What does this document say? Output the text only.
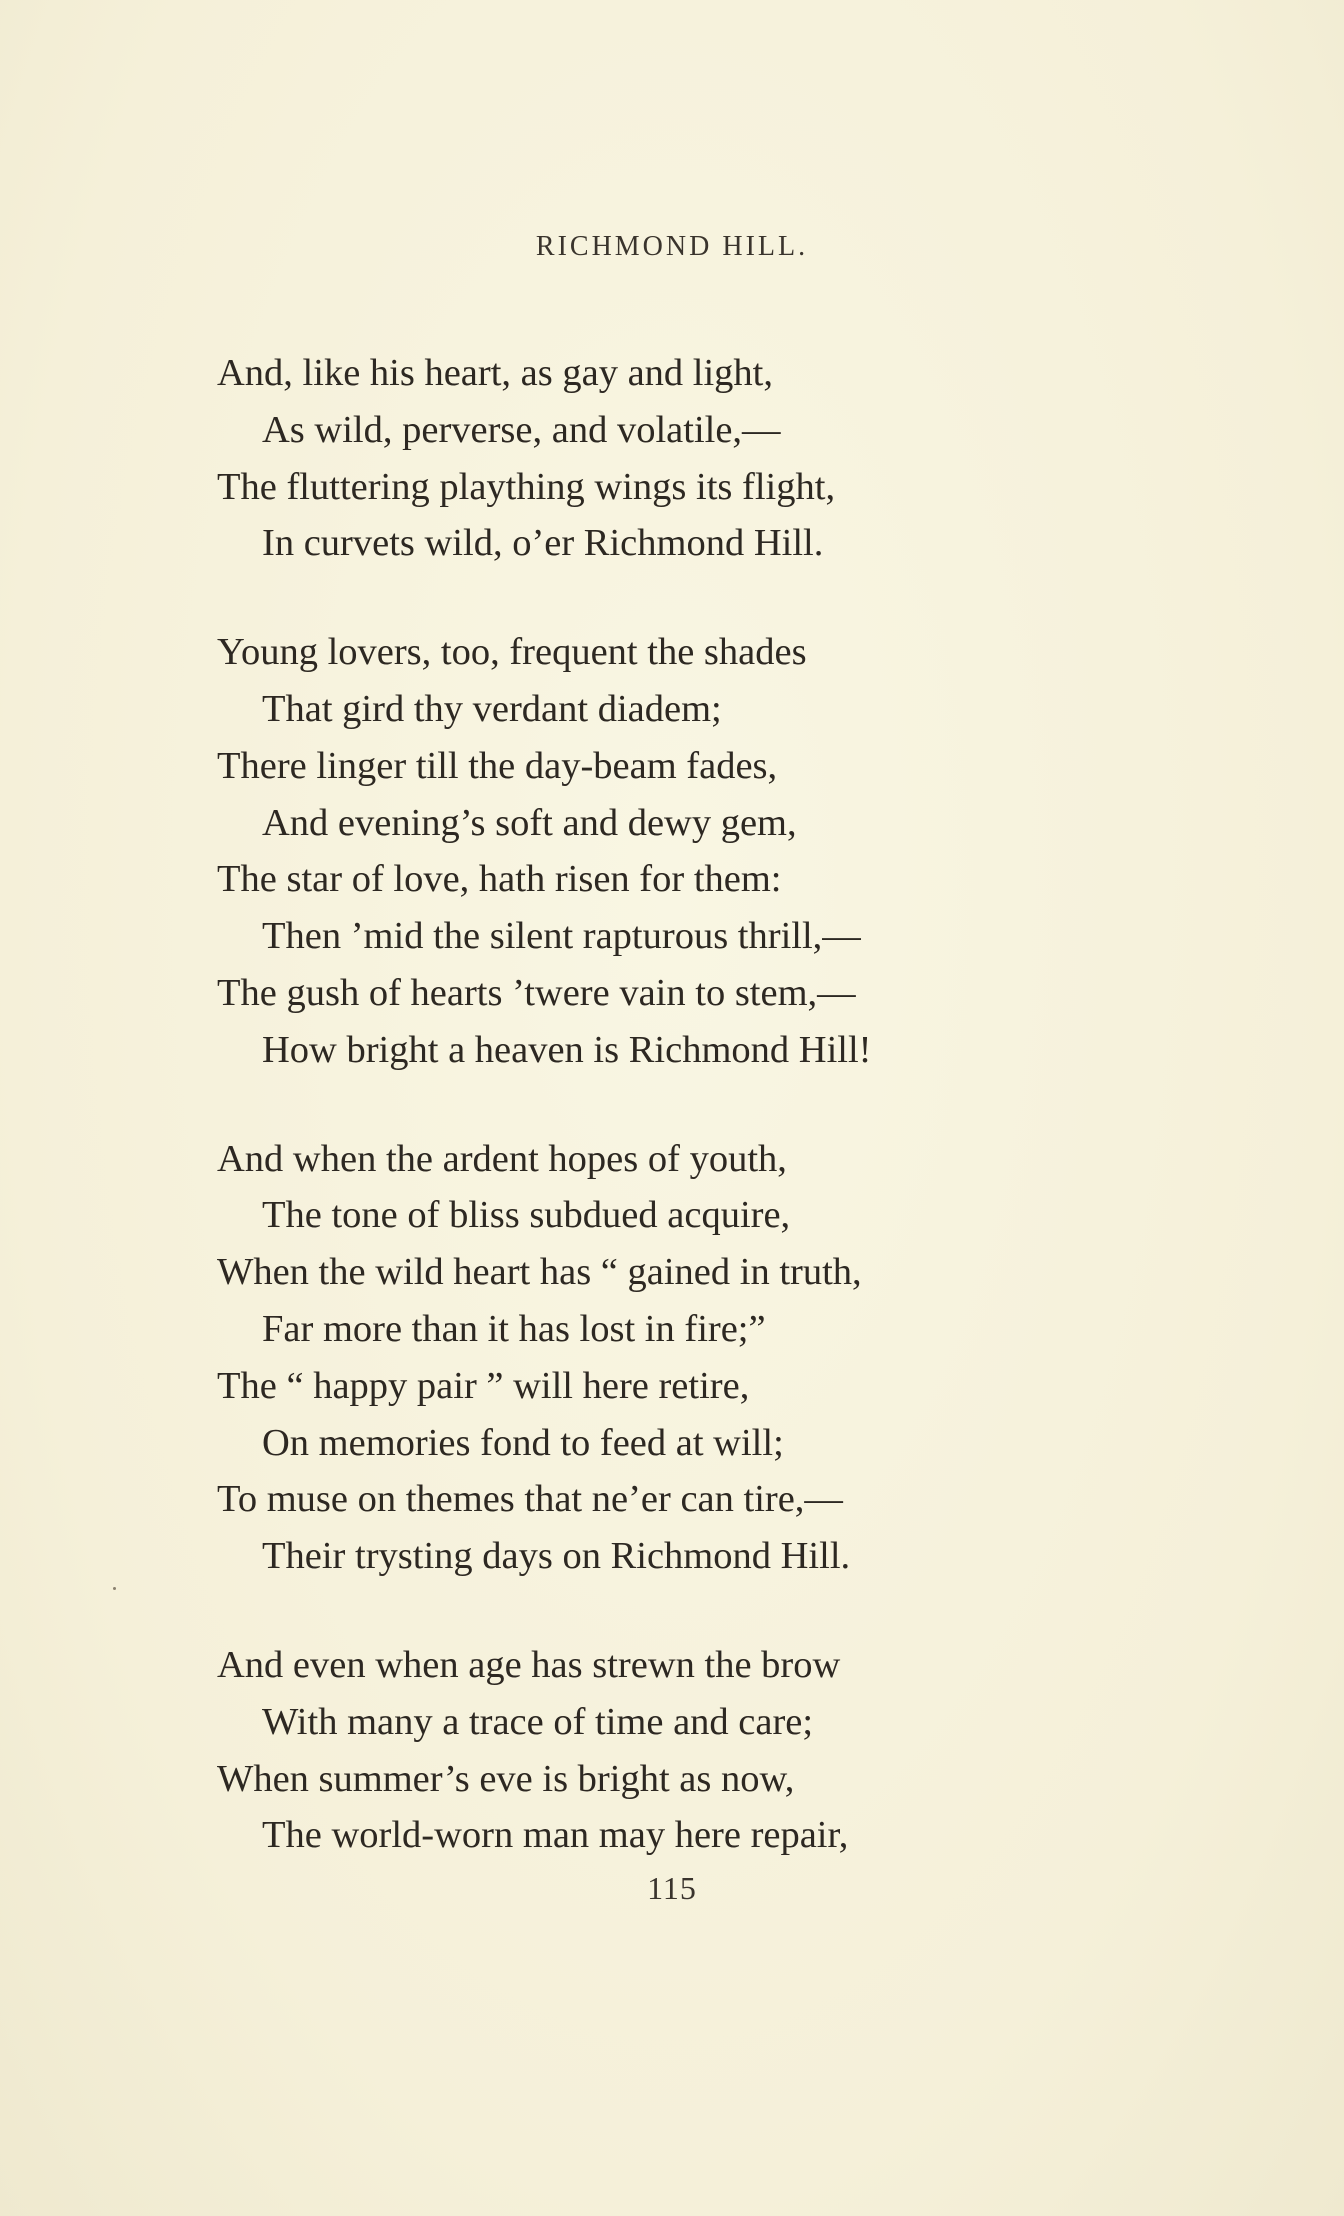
RICHMOND HILL.
And, like his heart, as gay and light,
As wild, perverse, and volatile,—
The fluttering plaything wings its flight,
In curvets wild, o’er Richmond Hill.
Young lovers, too, frequent the shades
That gird thy verdant diadem;
There linger till the day-beam fades,
And evening’s soft and dewy gem,
The star of love, hath risen for them:
Then ’mid the silent rapturous thrill,—
The gush of hearts ’twere vain to stem,—
How bright a heaven is Richmond Hill!
And when the ardent hopes of youth,
The tone of bliss subdued acquire,
When the wild heart has “ gained in truth,
Far more than it has lost in fire;”
The “ happy pair ” will here retire,
On memories fond to feed at will;
To muse on themes that ne’er can tire,—
Their trysting days on Richmond Hill.
And even when age has strewn the brow
With many a trace of time and care;
When summer’s eve is bright as now,
The world-worn man may here repair,
115
